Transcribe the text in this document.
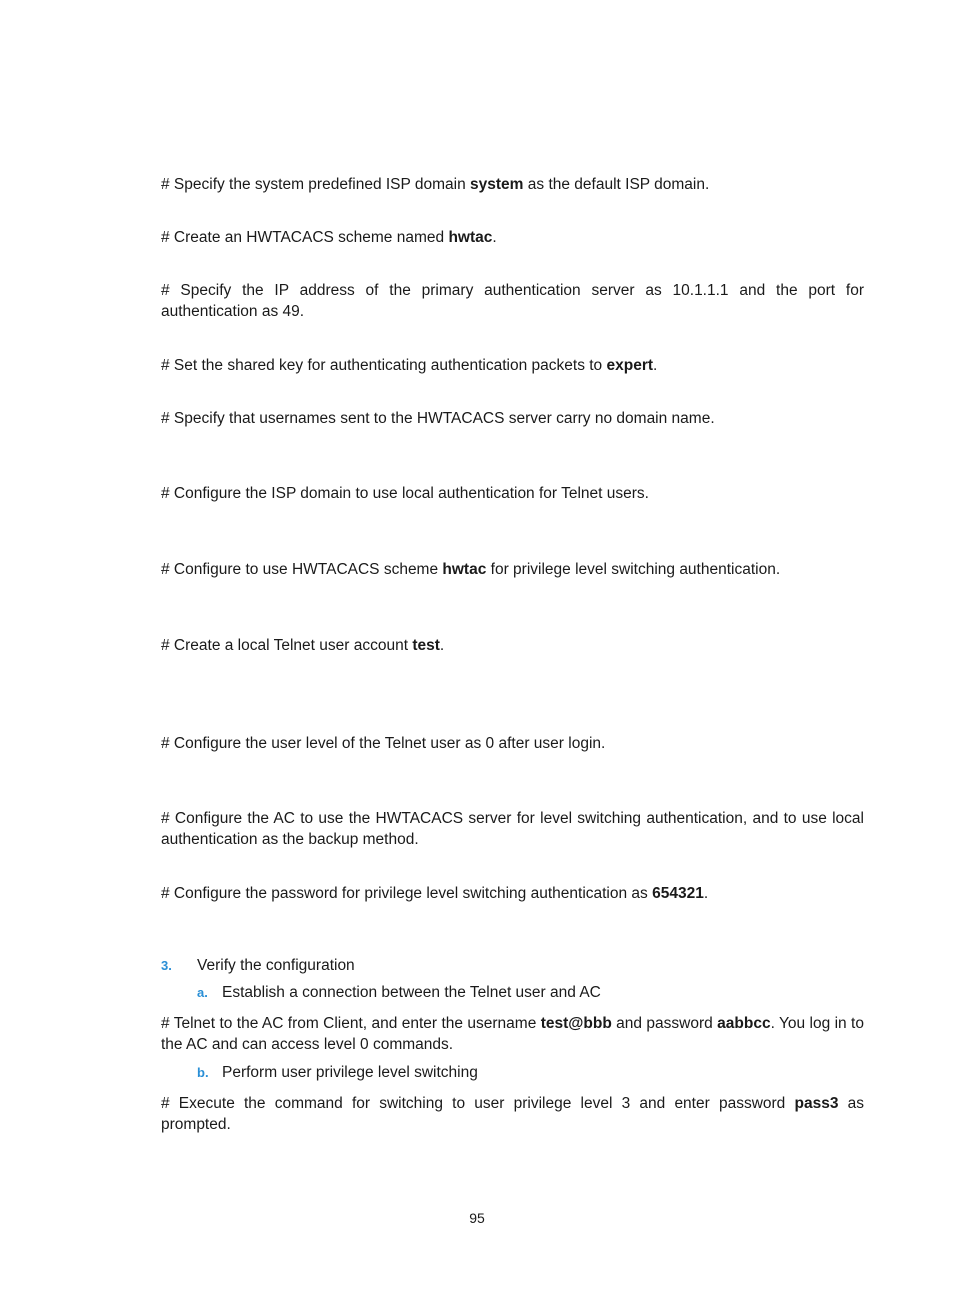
# Specify the system predefined ISP domain system as the default ISP domain.

# Create an HWTACACS scheme named hwtac.

# Specify the IP address of the primary authentication server as 10.1.1.1 and the port for authentication as 49.

# Set the shared key for authenticating authentication packets to expert.

# Specify that usernames sent to the HWTACACS server carry no domain name.

# Configure the ISP domain to use local authentication for Telnet users.

# Configure to use HWTACACS scheme hwtac for privilege level switching authentication.

# Create a local Telnet user account test.

# Configure the user level of the Telnet user as 0 after user login.

# Configure the AC to use the HWTACACS server for level switching authentication, and to use local authentication as the backup method.

# Configure the password for privilege level switching authentication as 654321.

3. Verify the configuration
a. Establish a connection between the Telnet user and AC

# Telnet to the AC from Client, and enter the username test@bbb and password aabbcc. You log in to the AC and can access level 0 commands.

b. Perform user privilege level switching

# Execute the command for switching to user privilege level 3 and enter password pass3 as prompted.

95
